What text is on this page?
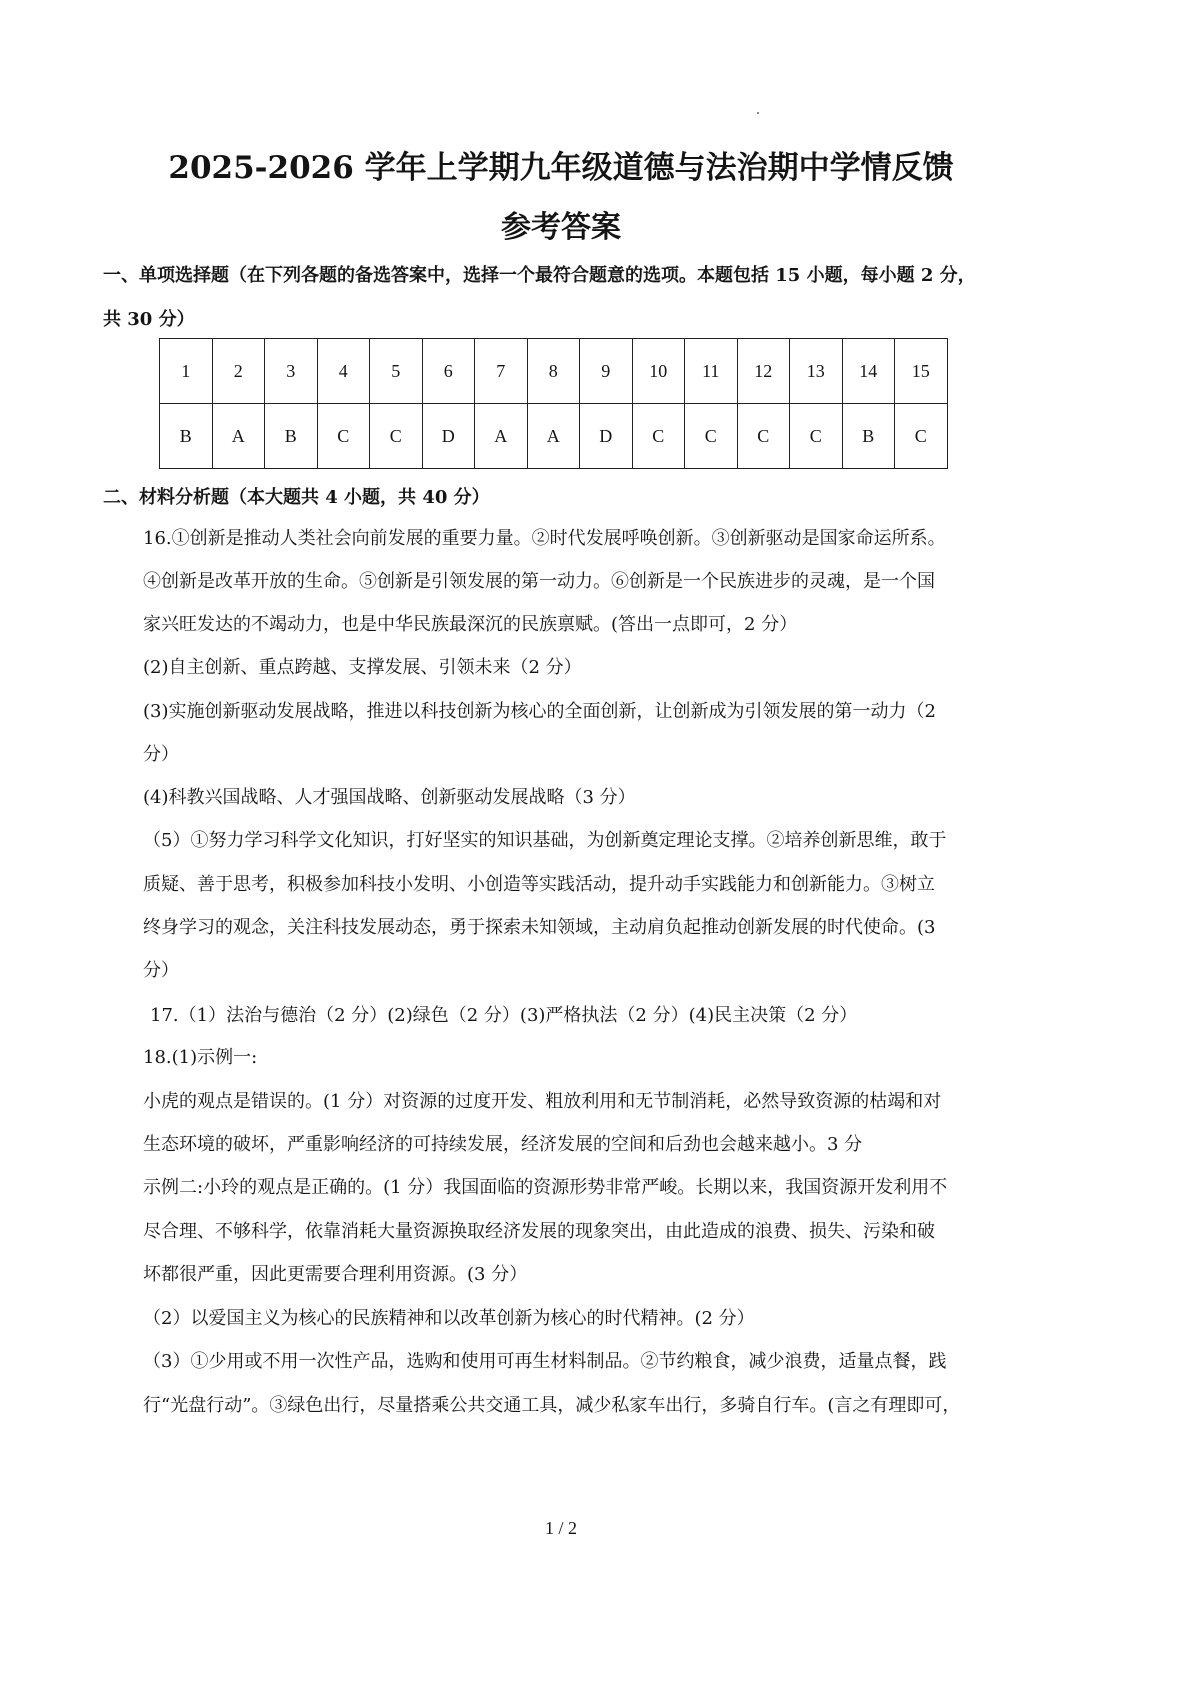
2025-2026 学年上学期九年级道德与法治期中学情反馈
参考答案
一、单项选择题（在下列各题的备选答案中，选择一个最符合题意的选项。本题包括 15 小题，每小题 2 分，
共 30 分）
1	2	3	4	5	6	7	8	9	10	11	12	13	14	15
B	A	B	C	C	D	A	A	D	C	C	C	C	B	C
二、材料分析题（本大题共 4 小题，共 40 分）
16.①创新是推动人类社会向前发展的重要力量。②时代发展呼唤创新。③创新驱动是国家命运所系。
④创新是改革开放的生命。⑤创新是引领发展的第一动力。⑥创新是一个民族进步的灵魂，是一个国
家兴旺发达的不竭动力，也是中华民族最深沉的民族禀赋。(答出一点即可，2 分）
(2)自主创新、重点跨越、支撑发展、引领未来（2 分）
(3)实施创新驱动发展战略，推进以科技创新为核心的全面创新，让创新成为引领发展的第一动力（2
分）
(4)科教兴国战略、人才强国战略、创新驱动发展战略（3 分）
（5）①努力学习科学文化知识，打好坚实的知识基础，为创新奠定理论支撑。②培养创新思维，敢于
质疑、善于思考，积极参加科技小发明、小创造等实践活动，提升动手实践能力和创新能力。③树立
终身学习的观念，关注科技发展动态，勇于探索未知领域，主动肩负起推动创新发展的时代使命。(3
分）
17.（1）法治与德治（2 分）(2)绿色（2 分）(3)严格执法（2 分）(4)民主决策（2 分）
18.(1)示例一:
小虎的观点是错误的。(1 分）对资源的过度开发、粗放利用和无节制消耗，必然导致资源的枯竭和对
生态环境的破坏，严重影响经济的可持续发展，经济发展的空间和后劲也会越来越小。3 分
示例二:小玲的观点是正确的。(1 分）我国面临的资源形势非常严峻。长期以来，我国资源开发利用不
尽合理、不够科学，依靠消耗大量资源换取经济发展的现象突出，由此造成的浪费、损失、污染和破
坏都很严重，因此更需要合理利用资源。(3 分）
（2）以爱国主义为核心的民族精神和以改革创新为核心的时代精神。(2 分）
（3）①少用或不用一次性产品，选购和使用可再生材料制品。②节约粮食，减少浪费，适量点餐，践
行“光盘行动”。③绿色出行，尽量搭乘公共交通工具，减少私家车出行，多骑自行车。(言之有理即可，
1 / 2
